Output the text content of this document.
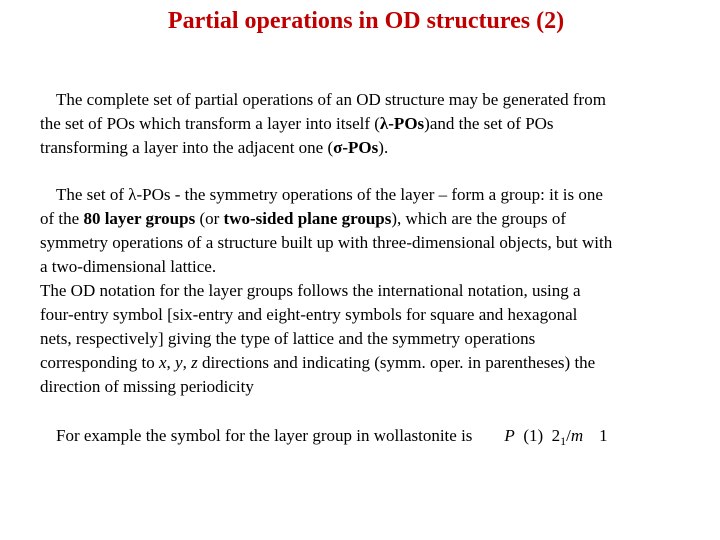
Partial operations in OD structures (2)
The complete set of partial operations of an OD structure may be generated from
the set of POs which transform a layer into itself (λ-POs)and the set of POs
transforming a layer into the adjacent one (σ-POs).
The set of λ-POs - the symmetry operations of the layer – form a group: it is one
of the 80 layer groups (or two-sided plane groups), which are the groups of
symmetry operations of a structure built up with three-dimensional objects, but with
a two-dimensional lattice.
The OD notation for the layer groups follows the international notation, using a
four-entry symbol [six-entry and eight-entry symbols for square and hexagonal
nets, respectively] giving the type of lattice and the symmetry operations
corresponding to x, y, z directions and indicating (symm. oper. in parentheses) the
direction of missing periodicity
For example the symbol for the layer group in wollastonite is P (1) $2_1/m$ 1
